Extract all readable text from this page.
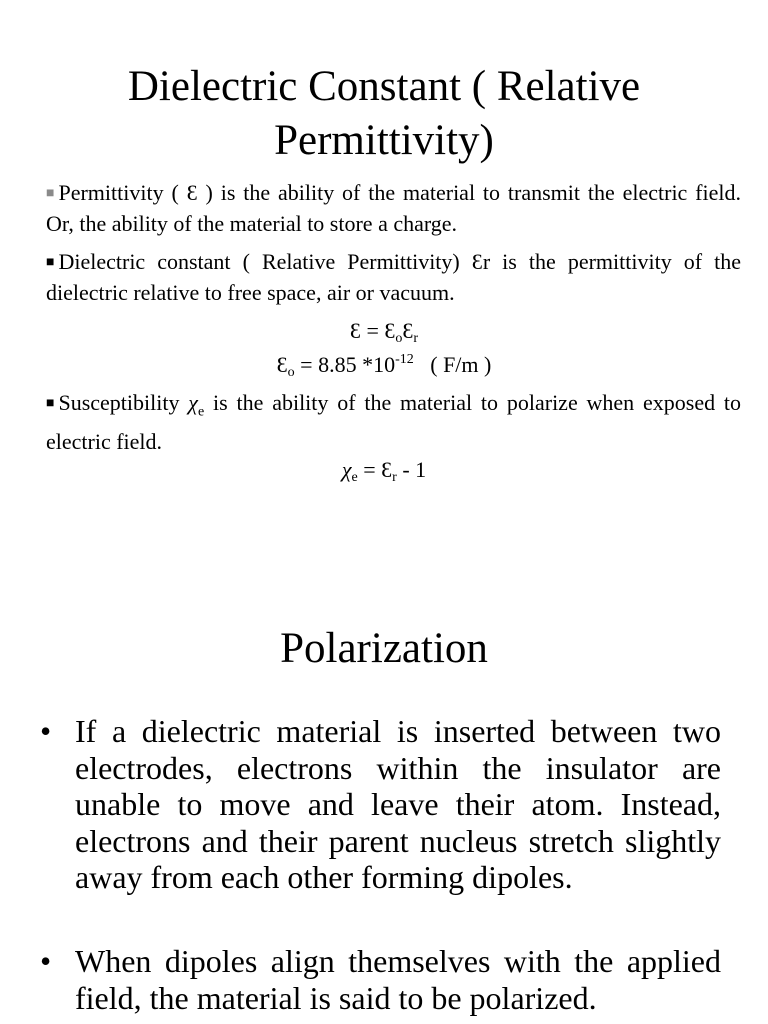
Dielectric Constant ( Relative
Permittivity)

■ Permittivity ( Ɛ ) is the ability of the material to transmit the electric field. Or, the ability of the material to store a charge.

■ Dielectric constant ( Relative Permittivity) Ɛr is the permittivity of the dielectric relative to free space, air or vacuum.

Ɛ = $Ɛ_oƐ_r$

$Ɛ_o = 8.85$ $*10^{-12}$ ( F/m )

■ Susceptibility $\chi_e$ is the ability of the material to polarize when exposed to electric field.

$\chi_e$ = $Ɛ_r - 1$

Polarization
• If a dielectric material is inserted between two electrodes, electrons within the insulator are unable to move and leave their atom. Instead, electrons and their parent nucleus stretch slightly away from each other forming dipoles.
• When dipoles align themselves with the applied field, the material is said to be polarized.
